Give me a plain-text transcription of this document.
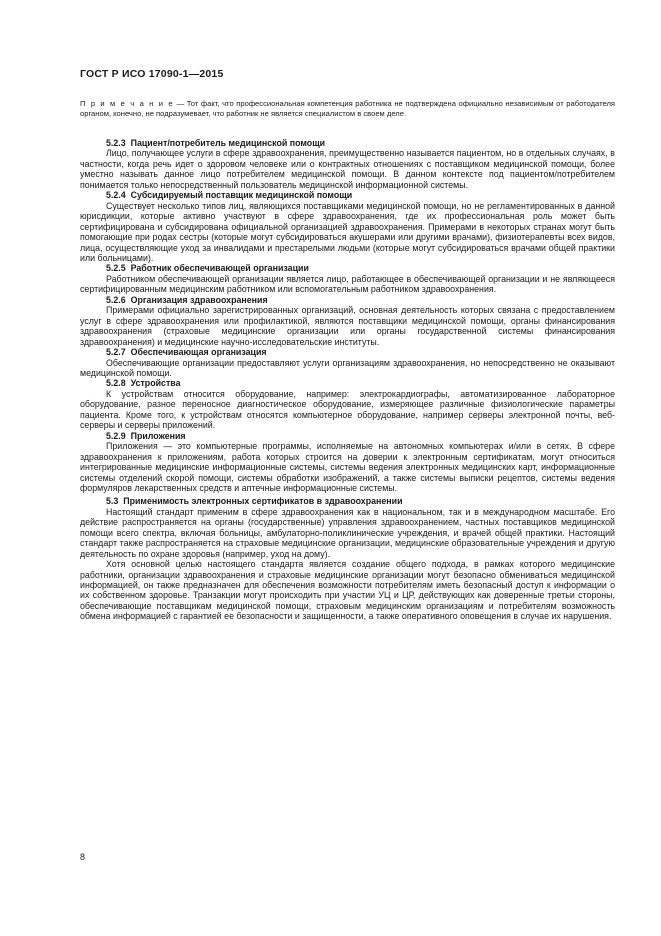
ГОСТ Р ИСО 17090-1—2015
П р и м е ч а н и е — Тот факт, что профессиональная компетенция работника не подтверждена официально независимым от работодателя органом, конечно, не подразумевает, что работник не является специалистом в своем деле.
5.2.3 Пациент/потребитель медицинской помощи

Лицо, получающее услуги в сфере здравоохранения, преимущественно называется пациентом, но в отдельных случаях, в частности, когда речь идет о здоровом человеке или о контрактных отношениях с поставщиком медицинской помощи, более уместно называть данное лицо потребителем медицинской помощи. В данном контексте под пациентом/потребителем понимается только непосредственный пользователь медицинской информационной системы.

5.2.4 Субсидируемый поставщик медицинской помощи

Существует несколько типов лиц, являющихся поставщиками медицинской помощи, но не регламентированных в данной юрисдикции, которые активно участвуют в сфере здравоохранения, где их профессиональная роль может быть сертифицирована и субсидирована официальной организацией здравоохранения. Примерами в некоторых странах могут быть помогающие при родах сестры (которые могут субсидироваться акушерами или другими врачами), физиотерапевты всех видов, лица, осуществляющие уход за инвалидами и престарелыми людьми (которые могут субсидироваться врачами общей практики или больницами).

5.2.5 Работник обеспечивающей организации

Работником обеспечивающей организации является лицо, работающее в обеспечивающей организации и не являющееся сертифицированным медицинским работником или вспомогательным работником здравоохранения.

5.2.6 Организация здравоохранения

Примерами официально зарегистрированных организаций, основная деятельность которых связана с предоставлением услуг в сфере здравоохранения или профилактикой, являются поставщики медицинской помощи, органы финансирования здравоохранения (страховые медицинские организации или органы государственной системы финансирования здравоохранения) и медицинские научно-исследовательские институты.

5.2.7 Обеспечивающая организация

Обеспечивающие организации предоставляют услуги организациям здравоохранения, но непосредственно не оказывают медицинской помощи.

5.2.8 Устройства

К устройствам относится оборудование, например: электрокардиографы, автоматизированное лабораторное оборудование, разное переносное диагностическое оборудование, измеряющее различные физиологические параметры пациента. Кроме того, к устройствам относятся компьютерное оборудование, например серверы электронной почты, веб-серверы и серверы приложений.

5.2.9 Приложения

Приложения — это компьютерные программы, исполняемые на автономных компьютерах и/или в сетях. В сфере здравоохранения к приложениям, работа которых строится на доверии к электронным сертификатам, могут относиться интегрированные медицинские информационные системы, системы ведения электронных медицинских карт, информационные системы отделений скорой помощи, системы обработки изображений, а также системы выписки рецептов, системы ведения формуляров лекарственных средств и аптечные информационные системы.

5.3 Применимость электронных сертификатов в здравоохранении

Настоящий стандарт применим в сфере здравоохранения как в национальном, так и в международном масштабе. Его действие распространяется на органы (государственные) управления здравоохранением, частных поставщиков медицинской помощи всего спектра, включая больницы, амбулаторно-поликлинические учреждения, и врачей общей практики. Настоящий стандарт также распространяется на страховые медицинские организации, медицинские образовательные учреждения и другую деятельность по охране здоровья (например, уход на дому).

Хотя основной целью настоящего стандарта является создание общего подхода, в рамках которого медицинские работники, организации здравоохранения и страховые медицинские организации могут безопасно обмениваться медицинской информацией, он также предназначен для обеспечения возможности потребителям иметь безопасный доступ к информации о их собственном здоровье. Транзакции могут происходить при участии УЦ и ЦР, действующих как доверенные третьи стороны, обеспечивающие поставщикам медицинской помощи, страховым медицинским организациям и потребителям возможность обмена информацией с гарантией ее безопасности и защищенности, а также оперативного оповещения в случае их нарушения.

8
